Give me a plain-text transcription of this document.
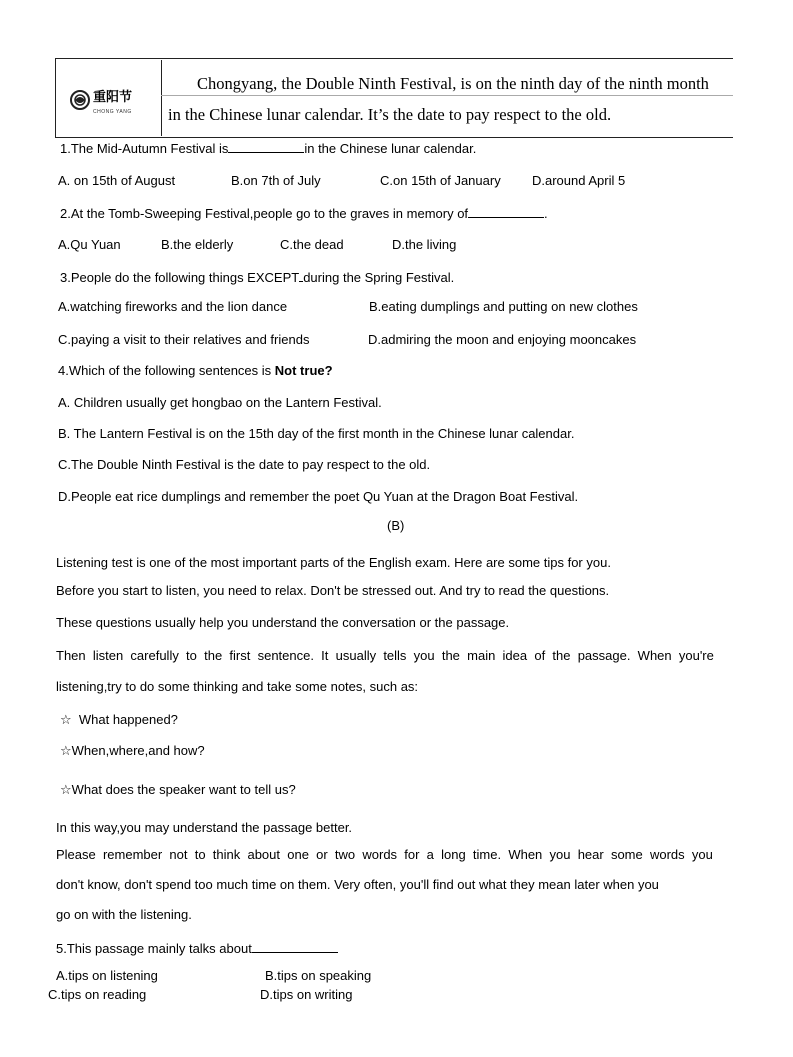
重阳节
CHONG YANG
Chongyang, the Double Ninth Festival, is on the ninth day of the ninth month
in the Chinese lunar calendar. It’s the date to pay respect to the old.
1.The Mid-Autumn Festival is	in the Chinese lunar calendar.
A. on 15th of August	B.on 7th of July	C.on 15th of January D.around April 5
2.At the Tomb-Sweeping Festival,people go to the graves in memory of	.
A.Qu Yuan	B.the elderly	C.the dead	D.the living
3.People do the following things EXCEPT during the Spring Festival.
A.watching fireworks and the lion dance	B.eating dumplings and putting on new clothes
C.paying a visit to their relatives and friends	D.admiring the moon and enjoying mooncakes
4.Which of the following sentences is Not true?
A. Children usually get hongbao on the Lantern Festival.
B. The Lantern Festival is on the 15th day of the first month in the Chinese lunar calendar.
C.The Double Ninth Festival is the date to pay respect to the old.
D.People eat rice dumplings and remember the poet Qu Yuan at the Dragon Boat Festival.
(B)
Listening test is one of the most important parts of the English exam. Here are some tips for you.
Before you start to listen, you need to relax. Don't be stressed out. And try to read the questions.
These questions usually help you understand the conversation or the passage.
Then  listen  carefully  to  the  first  sentence.  It  usually  tells  you  the  main  idea  of  the  passage.  When  you're
listening,try to do some thinking and take some notes, such as:
☆  What happened?
☆When,where,and how?
☆What does the speaker want to tell us?
In this way,you may understand the passage better.
Please  remember  not  to  think  about  one  or  two  words  for  a  long  time.  When  you  hear  some  words  you
don't know, don't spend too much time on them. Very often, you'll find out what they mean later when you
go on with the listening.
5.This passage mainly talks about
A.tips on listening	B.tips on speaking
C.tips on reading	D.tips on writing
